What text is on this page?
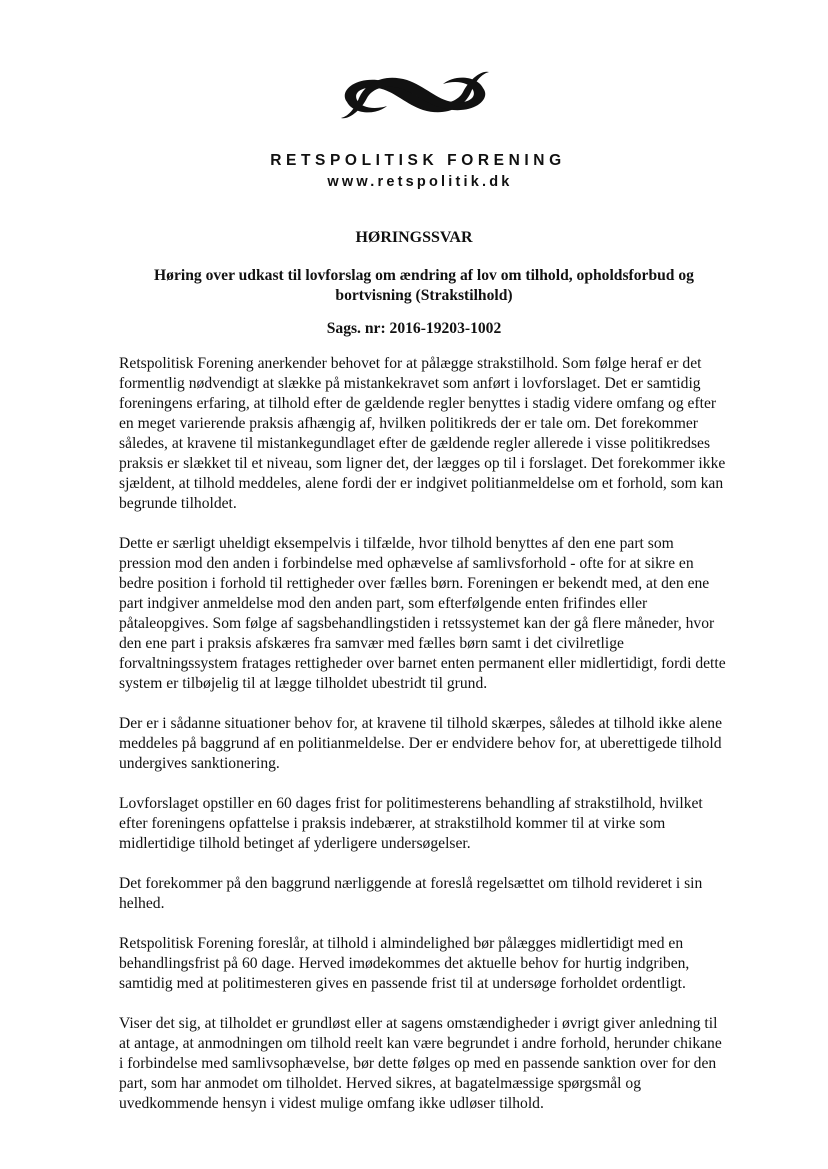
RETSPOLITISK FORENING
www.retspolitik.dk
HØRINGSSVAR
Høring over udkast til lovforslag om ændring af lov om tilhold, opholdsforbud og bortvisning (Strakstilhold)
Sags. nr: 2016-19203-1002

Retspolitisk Forening anerkender behovet for at pålægge strakstilhold. Som følge heraf er det formentlig nødvendigt at slække på mistankekravet som anført i lovforslaget. Det er samtidig foreningens erfaring, at tilhold efter de gældende regler benyttes i stadig videre omfang og efter en meget varierende praksis afhængig af, hvilken politikreds der er tale om. Det forekommer således, at kravene til mistankegundlaget efter de gældende regler allerede i visse politikredses praksis er slækket til et niveau, som ligner det, der lægges op til i forslaget. Det forekommer ikke sjældent, at tilhold meddeles, alene fordi der er indgivet politianmeldelse om et forhold, som kan begrunde tilholdet.

Dette er særligt uheldigt eksempelvis i tilfælde, hvor tilhold benyttes af den ene part som pression mod den anden i forbindelse med ophævelse af samlivsforhold - ofte for at sikre en bedre position i forhold til rettigheder over fælles børn. Foreningen er bekendt med, at den ene part indgiver anmeldelse mod den anden part, som efterfølgende enten frifindes eller påtaleopgives. Som følge af sagsbehandlingstiden i retssystemet kan der gå flere måneder, hvor den ene part i praksis afskæres fra samvær med fælles børn samt i det civilretlige forvaltningssystem fratages rettigheder over barnet enten permanent eller midlertidigt, fordi dette system er tilbøjelig til at lægge tilholdet ubestridt til grund.

Der er i sådanne situationer behov for, at kravene til tilhold skærpes, således at tilhold ikke alene meddeles på baggrund af en politianmeldelse. Der er endvidere behov for, at uberettigede tilhold undergives sanktionering.

Lovforslaget opstiller en 60 dages frist for politimesterens behandling af strakstilhold, hvilket efter foreningens opfattelse i praksis indebærer, at strakstilhold kommer til at virke som midlertidige tilhold betinget af yderligere undersøgelser.

Det forekommer på den baggrund nærliggende at foreslå regelsættet om tilhold revideret i sin helhed.

Retspolitisk Forening foreslår, at tilhold i almindelighed bør pålægges midlertidigt med en behandlingsfrist på 60 dage. Herved imødekommes det aktuelle behov for hurtig indgriben, samtidig med at politimesteren gives en passende frist til at undersøge forholdet ordentligt.

Viser det sig, at tilholdet er grundløst eller at sagens omstændigheder i øvrigt giver anledning til at antage, at anmodningen om tilhold reelt kan være begrundet i andre forhold, herunder chikane i forbindelse med samlivsophævelse, bør dette følges op med en passende sanktion over for den part, som har anmodet om tilholdet. Herved sikres, at bagatelmæssige spørgsmål og uvedkommende hensyn i videst mulige omfang ikke udløser tilhold.
